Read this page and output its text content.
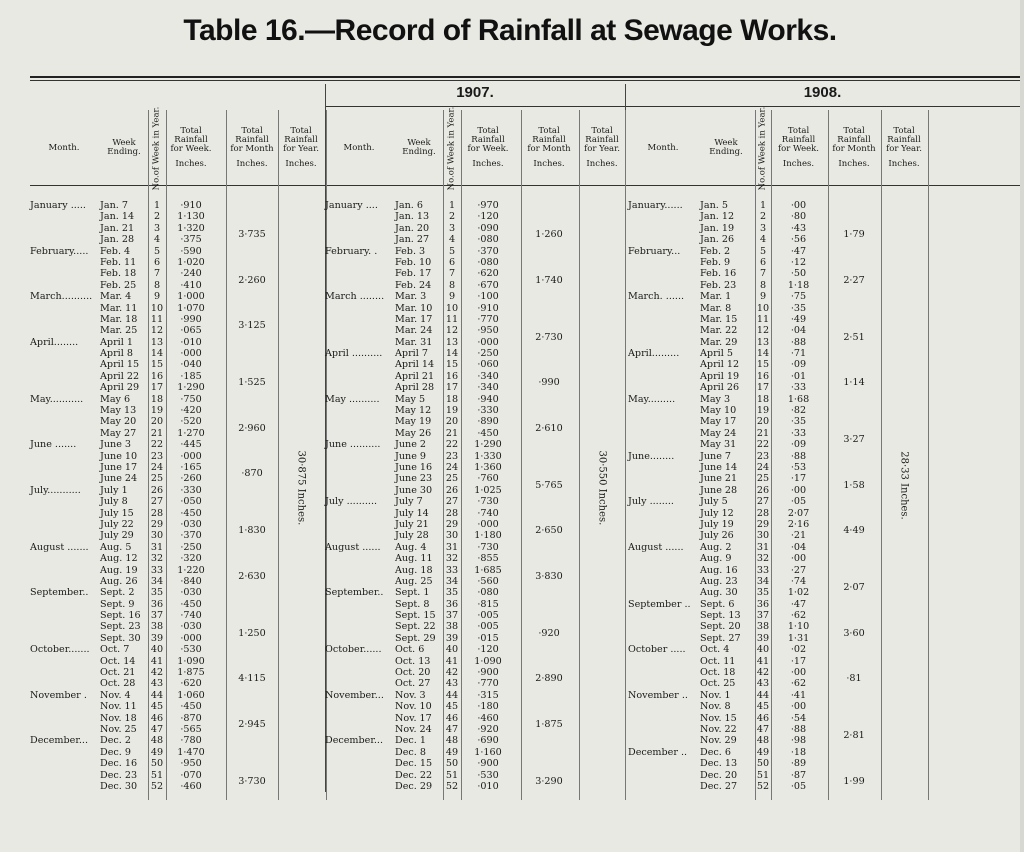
Table 16.—Record of Rainfall at Sewage Works.
1907.	1908.
Month.	Week Ending.	No.of Week in Year. Total
Rainfall
for Week.
Inches.
Total
Rainfall
for Month
Inches.
Total
Rainfall
for Year.
Inches.
January .....	Jan. 7	1	·910
Jan. 14	2	1·130
Jan. 21	3	1·320
Jan. 28	4	·375	3·735
February.....	Feb. 4	5	·590
Feb. 11	6	1·020
Feb. 18	7	·240
Feb. 25	8	·410	2·260
March.......... Mar. 4	9	1·000
Mar. 11	10	1·070
Mar. 18	11	·990
Mar. 25	12	·065	3·125
April........	April 1	13	·010
April 8	14	·000
April 15	15	·040
April 22	16	·185
April 29	17	1·290	1·525
May...........	May 6	18	·750
May 13	19	·420
May 20	20	·520
May 27	21	1·270	2·960
June .......	June 3	22	·445
June 10	23	·000
June 17	24	·165
June 24	25	·260	·870
July...........	July 1	26	·330
July 8	27	·050
July 15	28	·450
July 22	29	·030
July 29	30	·370	1·830
August .......	Aug. 5	31	·250
Aug. 12	32	·320
Aug. 19	33	1·220
Aug. 26	34	·840	2·630
September..	Sept. 2	35	·030
Sept. 9	36	·450
Sept. 16	37	·740
Sept. 23	38	·030
Sept. 30	39	·000	1·250
October.......	Oct. 7	40	·530
Oct. 14	41	1·090
Oct. 21	42	1·875
Oct. 28	43	·620	4·115
November .	Nov. 4	44	1·060
Nov. 11	45	·450
Nov. 18	46	·870
Nov. 25	47	·565	2·945
December...	Dec. 2	48	·780
Dec. 9	49	1·470
Dec. 16	50	·950
Dec. 23	51	·070
Dec. 30	52	·460	3·730
30·875 Inches.
Month.	Week Ending.	No.of Week in Year. Total
Rainfall
for Week.
Inches.
Total
Rainfall
for Month
Inches.
Total
Rainfall
for Year.
Inches.
January ....	Jan. 6	1	·970
Jan. 13	2	·120
Jan. 20	3	·090
Jan. 27	4	·080	1·260
February. .	Feb. 3	5	·370
Feb. 10	6	·080
Feb. 17	7	·620
Feb. 24	8	·670	1·740
March ........	Mar. 3	9	·100
Mar. 10	10	·910
Mar. 17	11	·770
Mar. 24	12	·950
Mar. 31	13	·000	2·730
April ..........	April 7	14	·250
April 14	15	·060
April 21	16	·340
April 28	17	·340	·990
May ..........	May 5	18	·940
May 12	19	·330
May 19	20	·890
May 26	21	·450	2·610
June ..........	June 2	22	1·290
June 9	23	1·330
June 16	24	1·360
June 23	25	·760
June 30	26	1·025	5·765
July ..........	July 7	27	·730
July 14	28	·740
July 21	29	·000
July 28	30	1·180	2·650
August ......	Aug. 4	31	·730
Aug. 11	32	·855
Aug. 18	33	1·685
Aug. 25	34	·560	3·830
September..	Sept. 1	35	·080
Sept. 8	36	·815
Sept. 15	37	·005
Sept. 22	38	·005
Sept. 29	39	·015	·920
October......	Oct. 6	40	·120
Oct. 13	41	1·090
Oct. 20	42	·900
Oct. 27	43	·770	2·890
November...	Nov. 3	44	·315
Nov. 10	45	·180
Nov. 17	46	·460
Nov. 24	47	·920	1·875
December...	Dec. 1	48	·690
Dec. 8	49	1·160
Dec. 15	50	·900
Dec. 22	51	·530
Dec. 29	52	·010	3·290
30·550 Inches.
Month.	Week Ending.	No.of Week in Year. Total
Rainfall
for Week.
Inches.
Total
Rainfall
for Month
Inches.
Total
Rainfall
for Year.
Inches.
January......	Jan. 5	1	·00
Jan. 12	2	·80
Jan. 19	3	·43
Jan. 26	4	·56	1·79
February...	Feb. 2	5	·47
Feb. 9	6	·12
Feb. 16	7	·50
Feb. 23	8	1·18	2·27
March. ......	Mar. 1	9	·75
Mar. 8	10	·35
Mar. 15	11	·49
Mar. 22	12	·04
Mar. 29	13	·88	2·51
April.........	April 5	14	·71
April 12	15	·09
April 19	16	·01
April 26	17	·33	1·14
May.........	May 3	18	1·68
May 10	19	·82
May 17	20	·35
May 24	21	·33
May 31	22	·09	3·27
June........	June 7	23	·88
June 14	24	·53
June 21	25	·17
June 28	26	·00	1·58
July ........	July 5	27	·05
July 12	28	2·07
July 19	29	2·16
July 26	30	·21	4·49
August ......	Aug. 2	31	·04
Aug. 9	32	·00
Aug. 16	33	·27
Aug. 23	34	·74
Aug. 30	35	1·02	2·07
September .. Sept. 6	36	·47
Sept. 13	37	·62
Sept. 20	38	1·10
Sept. 27	39	1·31	3·60
October .....	Oct. 4	40	·02
Oct. 11	41	·17
Oct. 18	42	·00
Oct. 25	43	·62	·81
November ..	Nov. 1	44	·41
Nov. 8	45	·00
Nov. 15	46	·54
Nov. 22	47	·88
Nov. 29	48	·98	2·81
December ..	Dec. 6	49	·18
Dec. 13	50	·89
Dec. 20	51	·87
Dec. 27	52	·05	1·99
28·33 Inches.
